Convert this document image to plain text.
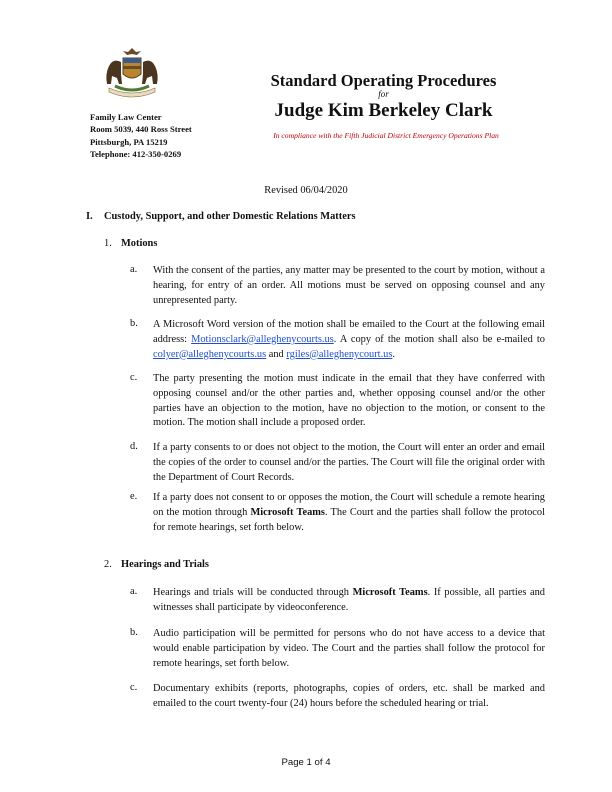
Family Law Center
Room 5039, 440 Ross Street
Pittsburgh, PA 15219
Telephone: 412-350-0269
Standard Operating Procedures
for
Judge Kim Berkeley Clark
In compliance with the Fifth Judicial District Emergency Operations Plan
Revised 06/04/2020
I. Custody, Support, and other Domestic Relations Matters
1. Motions
a. With the consent of the parties, any matter may be presented to the court by motion, without a hearing, for entry of an order. All motions must be served on opposing counsel and any unrepresented party.
b. A Microsoft Word version of the motion shall be emailed to the Court at the following email address: Motionsclark@alleghenycourts.us. A copy of the motion shall also be e-mailed to colyer@alleghenycourts.us and rgiles@alleghenycourt.us.
c. The party presenting the motion must indicate in the email that they have conferred with opposing counsel and/or the other parties and, whether opposing counsel and/or the other parties have an objection to the motion, have no objection to the motion, or consent to the motion. The motion shall include a proposed order.
d. If a party consents to or does not object to the motion, the Court will enter an order and email the copies of the order to counsel and/or the parties. The Court will file the original order with the Department of Court Records.
e. If a party does not consent to or opposes the motion, the Court will schedule a remote hearing on the motion through Microsoft Teams. The Court and the parties shall follow the protocol for remote hearings, set forth below.
2. Hearings and Trials
a. Hearings and trials will be conducted through Microsoft Teams. If possible, all parties and witnesses shall participate by videoconference.
b. Audio participation will be permitted for persons who do not have access to a device that would enable participation by video. The Court and the parties shall follow the protocol for remote hearings, set forth below.
c. Documentary exhibits (reports, photographs, copies of orders, etc. shall be marked and emailed to the court twenty-four (24) hours before the scheduled hearing or trial.
Page 1 of 4
